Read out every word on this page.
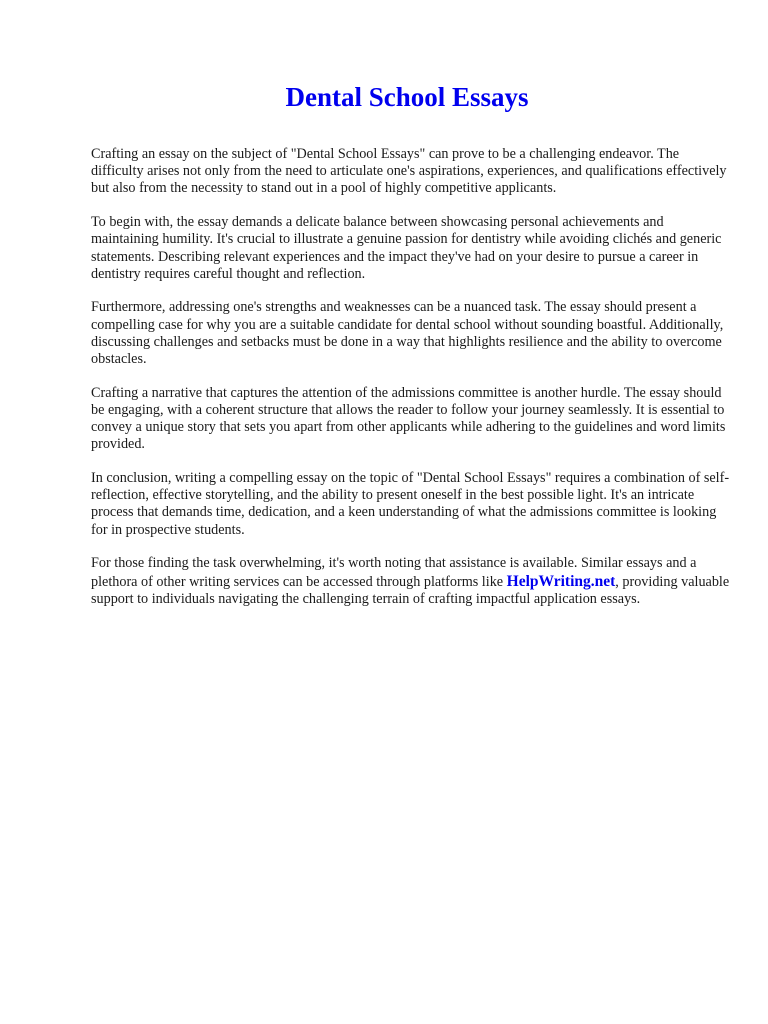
Dental School Essays

Crafting an essay on the subject of "Dental School Essays" can prove to be a challenging endeavor. The difficulty arises not only from the need to articulate one's aspirations, experiences, and qualifications effectively but also from the necessity to stand out in a pool of highly competitive applicants.

To begin with, the essay demands a delicate balance between showcasing personal achievements and maintaining humility. It's crucial to illustrate a genuine passion for dentistry while avoiding clichés and generic statements. Describing relevant experiences and the impact they've had on your desire to pursue a career in dentistry requires careful thought and reflection.

Furthermore, addressing one's strengths and weaknesses can be a nuanced task. The essay should present a compelling case for why you are a suitable candidate for dental school without sounding boastful. Additionally, discussing challenges and setbacks must be done in a way that highlights resilience and the ability to overcome obstacles.

Crafting a narrative that captures the attention of the admissions committee is another hurdle. The essay should be engaging, with a coherent structure that allows the reader to follow your journey seamlessly. It is essential to convey a unique story that sets you apart from other applicants while adhering to the guidelines and word limits provided.

In conclusion, writing a compelling essay on the topic of "Dental School Essays" requires a combination of self-reflection, effective storytelling, and the ability to present oneself in the best possible light. It's an intricate process that demands time, dedication, and a keen understanding of what the admissions committee is looking for in prospective students.

For those finding the task overwhelming, it's worth noting that assistance is available. Similar essays and a plethora of other writing services can be accessed through platforms like HelpWriting.net, providing valuable support to individuals navigating the challenging terrain of crafting impactful application essays.
